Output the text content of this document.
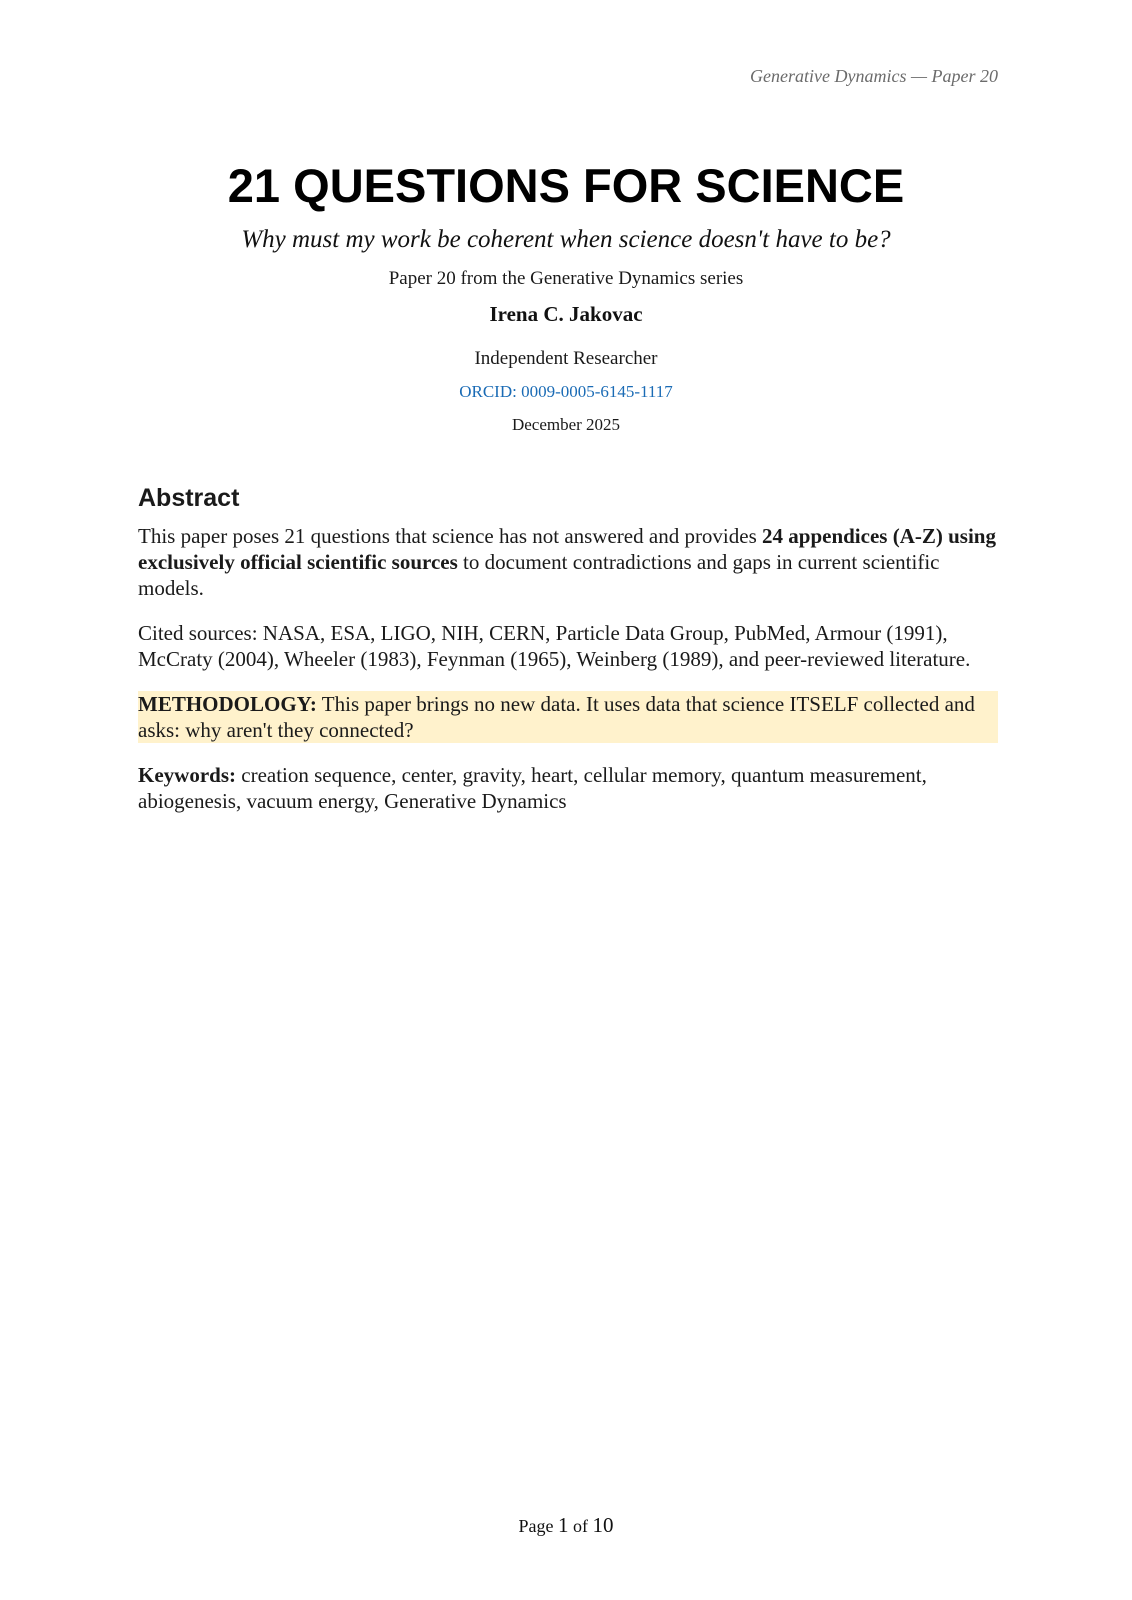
Generative Dynamics — Paper 20
21 QUESTIONS FOR SCIENCE
Why must my work be coherent when science doesn't have to be?
Paper 20 from the Generative Dynamics series
Irena C. Jakovac
Independent Researcher
ORCID: 0009-0005-6145-1117
December 2025
Abstract

This paper poses 21 questions that science has not answered and provides 24 appendices (A-Z) using exclusively official scientific sources to document contradictions and gaps in current scientific models.

Cited sources: NASA, ESA, LIGO, NIH, CERN, Particle Data Group, PubMed, Armour (1991), McCraty (2004), Wheeler (1983), Feynman (1965), Weinberg (1989), and peer-reviewed literature.

METHODOLOGY: This paper brings no new data. It uses data that science ITSELF collected and asks: why aren't they connected?

Keywords: creation sequence, center, gravity, heart, cellular memory, quantum measurement, abiogenesis, vacuum energy, Generative Dynamics

Page 1 of 10
